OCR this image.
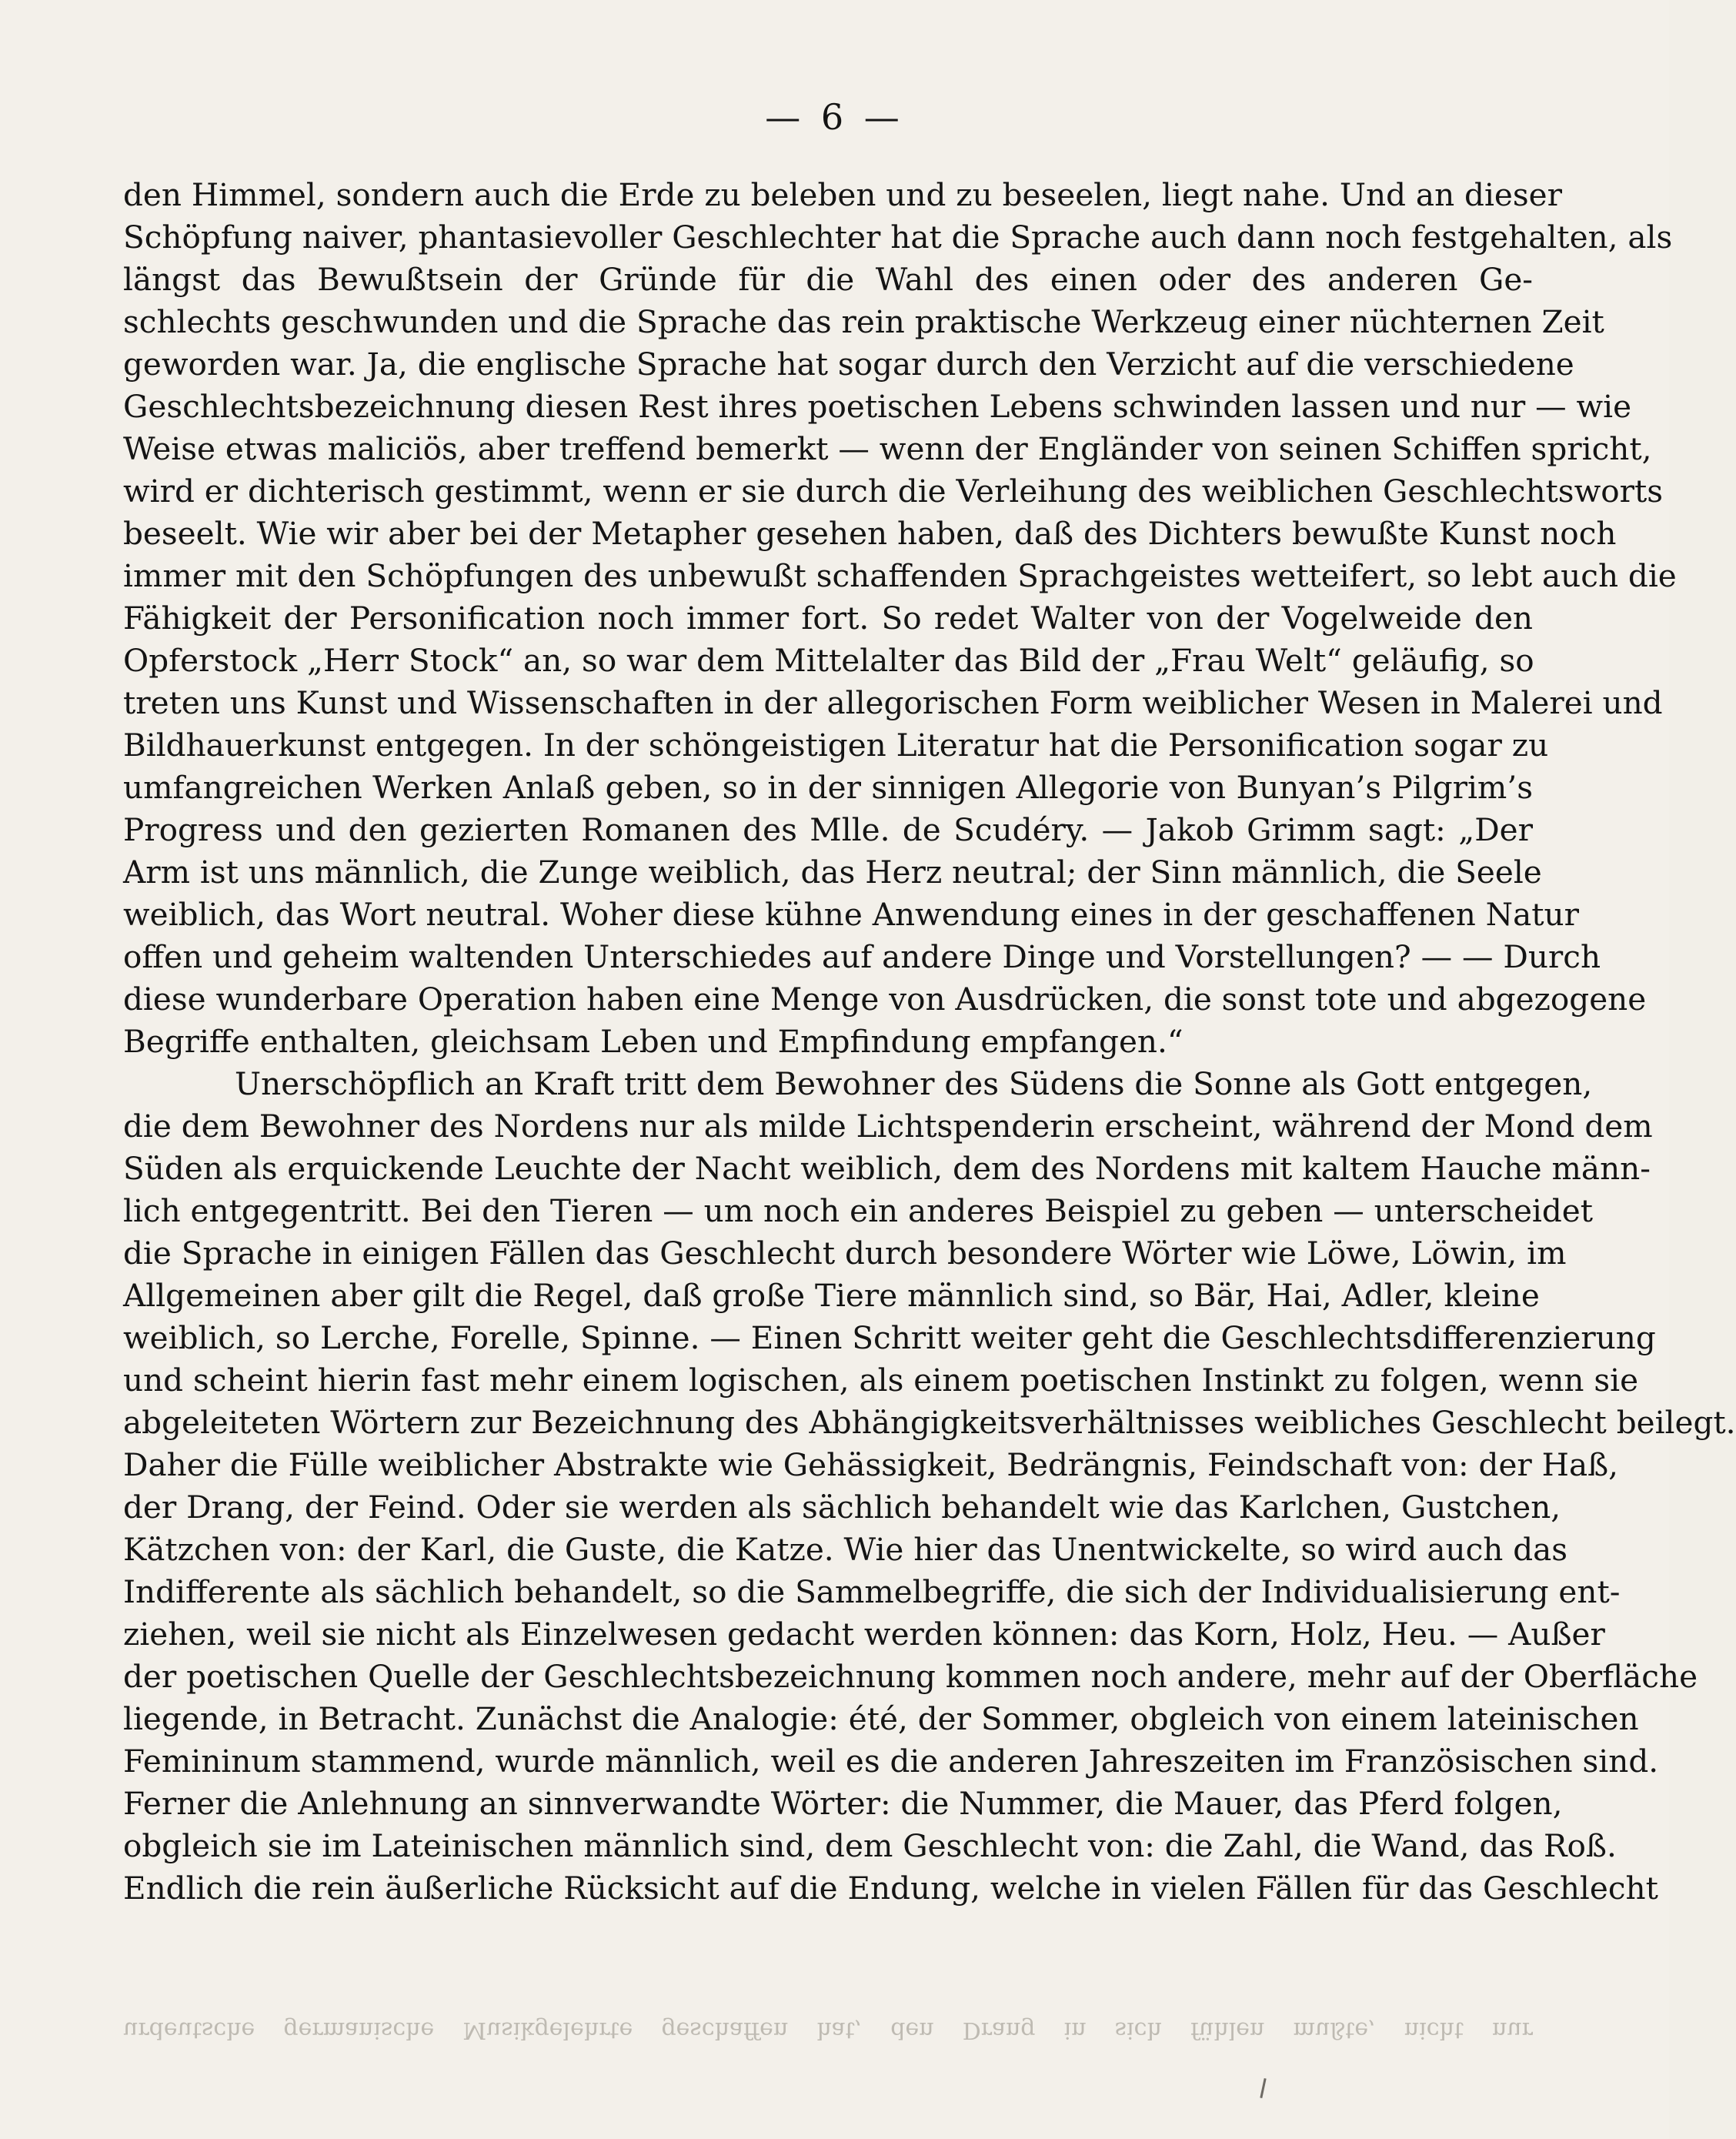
— 6 —
den Himmel, sondern auch die Erde zu beleben und zu beseelen, liegt nahe. Und an dieser
Schöpfung naiver, phantasievoller Geschlechter hat die Sprache auch dann noch festgehalten, als
längst das Bewußtsein der Gründe für die Wahl des einen oder des anderen Ge-
schlechts geschwunden und die Sprache das rein praktische Werkzeug einer nüchternen Zeit
geworden war. Ja, die englische Sprache hat sogar durch den Verzicht auf die verschiedene
Geschlechtsbezeichnung diesen Rest ihres poetischen Lebens schwinden lassen und nur — wie
Weise etwas maliciös, aber treffend bemerkt — wenn der Engländer von seinen Schiffen spricht,
wird er dichterisch gestimmt, wenn er sie durch die Verleihung des weiblichen Geschlechtsworts
beseelt. Wie wir aber bei der Metapher gesehen haben, daß des Dichters bewußte Kunst noch
immer mit den Schöpfungen des unbewußt schaffenden Sprachgeistes wetteifert, so lebt auch die
Fähigkeit der Personification noch immer fort. So redet Walter von der Vogelweide den
Opferstock „Herr Stock“ an, so war dem Mittelalter das Bild der „Frau Welt“ geläufig, so
treten uns Kunst und Wissenschaften in der allegorischen Form weiblicher Wesen in Malerei und
Bildhauerkunst entgegen. In der schöngeistigen Literatur hat die Personification sogar zu
umfangreichen Werken Anlaß geben, so in der sinnigen Allegorie von Bunyan’s Pilgrim’s
Progress und den gezierten Romanen des Mlle. de Scudéry. — Jakob Grimm sagt: „Der
Arm ist uns männlich, die Zunge weiblich, das Herz neutral; der Sinn männlich, die Seele
weiblich, das Wort neutral. Woher diese kühne Anwendung eines in der geschaffenen Natur
offen und geheim waltenden Unterschiedes auf andere Dinge und Vorstellungen? — — Durch
diese wunderbare Operation haben eine Menge von Ausdrücken, die sonst tote und abgezogene
Begriffe enthalten, gleichsam Leben und Empfindung empfangen.“
Unerschöpflich an Kraft tritt dem Bewohner des Südens die Sonne als Gott entgegen,
die dem Bewohner des Nordens nur als milde Lichtspenderin erscheint, während der Mond dem
Süden als erquickende Leuchte der Nacht weiblich, dem des Nordens mit kaltem Hauche männ-
lich entgegentritt. Bei den Tieren — um noch ein anderes Beispiel zu geben — unterscheidet
die Sprache in einigen Fällen das Geschlecht durch besondere Wörter wie Löwe, Löwin, im
Allgemeinen aber gilt die Regel, daß große Tiere männlich sind, so Bär, Hai, Adler, kleine
weiblich, so Lerche, Forelle, Spinne. — Einen Schritt weiter geht die Geschlechtsdifferenzierung
und scheint hierin fast mehr einem logischen, als einem poetischen Instinkt zu folgen, wenn sie
abgeleiteten Wörtern zur Bezeichnung des Abhängigkeitsverhältnisses weibliches Geschlecht beilegt.
Daher die Fülle weiblicher Abstrakte wie Gehässigkeit, Bedrängnis, Feindschaft von: der Haß,
der Drang, der Feind. Oder sie werden als sächlich behandelt wie das Karlchen, Gustchen,
Kätzchen von: der Karl, die Guste, die Katze. Wie hier das Unentwickelte, so wird auch das
Indifferente als sächlich behandelt, so die Sammelbegriffe, die sich der Individualisierung ent-
ziehen, weil sie nicht als Einzelwesen gedacht werden können: das Korn, Holz, Heu. — Außer
der poetischen Quelle der Geschlechtsbezeichnung kommen noch andere, mehr auf der Oberfläche
liegende, in Betracht. Zunächst die Analogie: été, der Sommer, obgleich von einem lateinischen
Femininum stammend, wurde männlich, weil es die anderen Jahreszeiten im Französischen sind.
Ferner die Anlehnung an sinnverwandte Wörter: die Nummer, die Mauer, das Pferd folgen,
obgleich sie im Lateinischen männlich sind, dem Geschlecht von: die Zahl, die Wand, das Roß.
Endlich die rein äußerliche Rücksicht auf die Endung, welche in vielen Fällen für das Geschlecht
urdeutsche germanische Musikgelehrte geschaffen hat, den Drang in sich fühlen mußte, nicht nur
